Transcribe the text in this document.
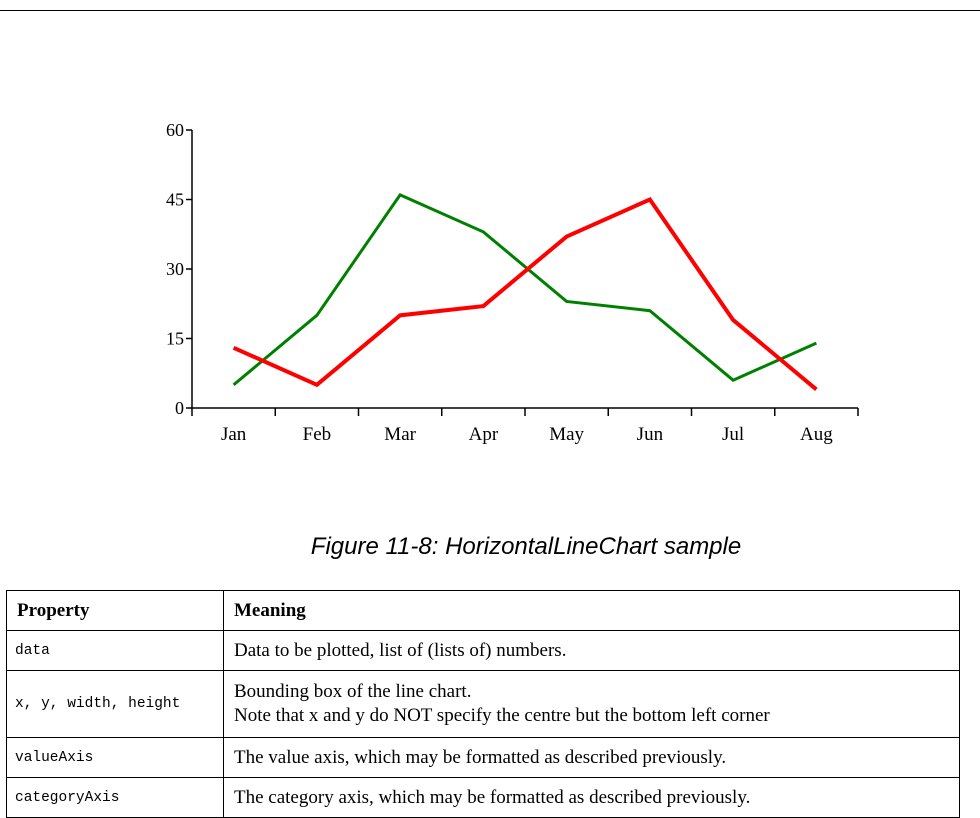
0
15
30
45
60
Jan	Feb	Mar	Apr	May	Jun	Jul	Aug
Figure 11-8: HorizontalLineChart sample
Property	Meaning
data	Data to be plotted, list of (lists of) numbers.

x, y, width, height	Bounding box of the line chart.
Note that x and y do NOT specify the centre but the bottom left corner

valueAxis	The value axis, which may be formatted as described previously.

categoryAxis	The category axis, which may be formatted as described previously.
